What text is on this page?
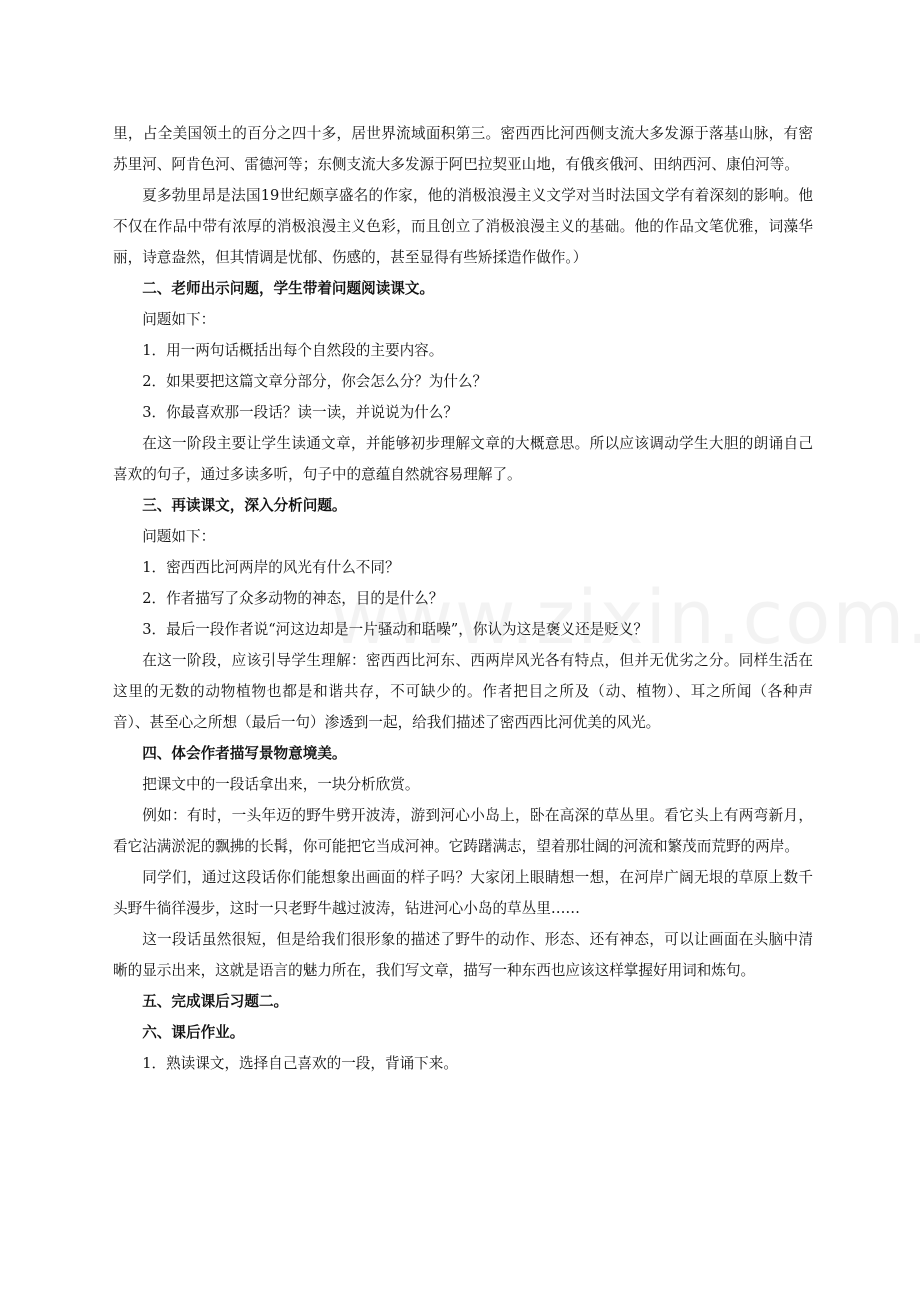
里，占全美国领土的百分之四十多，居世界流域面积第三。密西西比河西侧支流大多发源于落基山脉，有密苏里河、阿肯色河、雷德河等；东侧支流大多发源于阿巴拉契亚山地，有俄亥俄河、田纳西河、康伯河等。

夏多勃里昂是法国19世纪颇享盛名的作家，他的消极浪漫主义文学对当时法国文学有着深刻的影响。他不仅在作品中带有浓厚的消极浪漫主义色彩，而且创立了消极浪漫主义的基础。他的作品文笔优雅，词藻华丽，诗意盎然，但其情调是忧郁、伤感的，甚至显得有些矫揉造作做作。）

二、老师出示问题，学生带着问题阅读课文。

问题如下：

1．用一两句话概括出每个自然段的主要内容。

2．如果要把这篇文章分部分，你会怎么分？为什么？

3．你最喜欢那一段话？读一读，并说说为什么？

在这一阶段主要让学生读通文章，并能够初步理解文章的大概意思。所以应该调动学生大胆的朗诵自己喜欢的句子，通过多读多听，句子中的意蕴自然就容易理解了。

三、再读课文，深入分析问题。

问题如下：

1．密西西比河两岸的风光有什么不同？

2．作者描写了众多动物的神态，目的是什么？

3．最后一段作者说“河这边却是一片骚动和聒噪”，你认为这是褒义还是贬义？

在这一阶段，应该引导学生理解：密西西比河东、西两岸风光各有特点，但并无优劣之分。同样生活在这里的无数的动物植物也都是和谐共存，不可缺少的。作者把目之所及（动、植物）、耳之所闻（各种声音）、甚至心之所想（最后一句）渗透到一起，给我们描述了密西西比河优美的风光。

四、体会作者描写景物意境美。

把课文中的一段话拿出来，一块分析欣赏。

例如：有时，一头年迈的野牛劈开波涛，游到河心小岛上，卧在高深的草丛里。看它头上有两弯新月，看它沾满淤泥的飘拂的长髯，你可能把它当成河神。它踌躇满志，望着那壮阔的河流和繁茂而荒野的两岸。

同学们，通过这段话你们能想象出画面的样子吗？大家闭上眼睛想一想，在河岸广阔无垠的草原上数千头野牛徜徉漫步，这时一只老野牛越过波涛，钻进河心小岛的草丛里……

这一段话虽然很短，但是给我们很形象的描述了野牛的动作、形态、还有神态，可以让画面在头脑中清晰的显示出来，这就是语言的魅力所在，我们写文章，描写一种东西也应该这样掌握好用词和炼句。

五、完成课后习题二。

六、课后作业。

1．熟读课文，选择自己喜欢的一段，背诵下来。
